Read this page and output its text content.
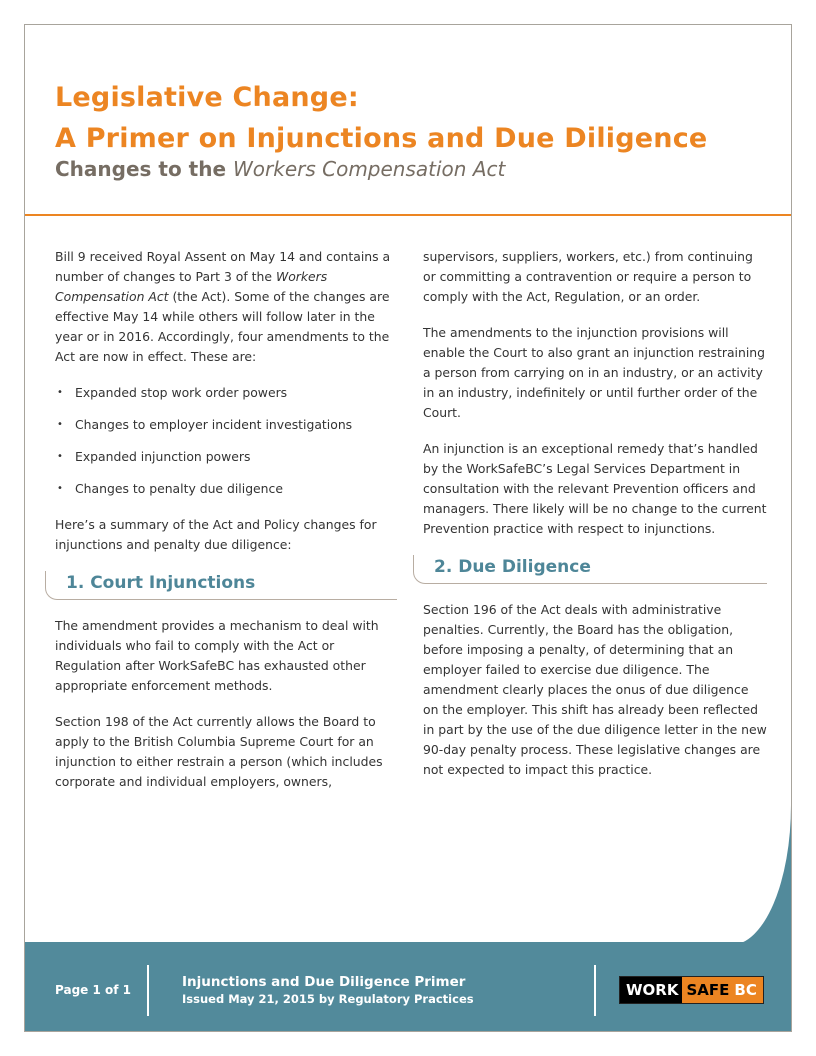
Legislative Change:
A Primer on Injunctions and Due Diligence
Changes to the Workers Compensation Act

Bill 9 received Royal Assent on May 14 and contains a number of changes to Part 3 of the Workers Compensation Act (the Act). Some of the changes are effective May 14 while others will follow later in the year or in 2016. Accordingly, four amendments to the Act are now in effect. These are:

• Expanded stop work order powers
• Changes to employer incident investigations
• Expanded injunction powers
• Changes to penalty due diligence

Here’s a summary of the Act and Policy changes for injunctions and penalty due diligence:

1. Court Injunctions

The amendment provides a mechanism to deal with individuals who fail to comply with the Act or Regulation after WorkSafeBC has exhausted other appropriate enforcement methods.

Section 198 of the Act currently allows the Board to apply to the British Columbia Supreme Court for an injunction to either restrain a person (which includes corporate and individual employers, owners,

supervisors, suppliers, workers, etc.) from continuing or committing a contravention or require a person to comply with the Act, Regulation, or an order.

The amendments to the injunction provisions will enable the Court to also grant an injunction restraining a person from carrying on in an industry, or an activity in an industry, indefinitely or until further order of the Court.

An injunction is an exceptional remedy that’s handled by the WorkSafeBC’s Legal Services Department in consultation with the relevant Prevention officers and managers. There likely will be no change to the current Prevention practice with respect to injunctions.

2. Due Diligence

Section 196 of the Act deals with administrative penalties. Currently, the Board has the obligation, before imposing a penalty, of determining that an employer failed to exercise due diligence. The amendment clearly places the onus of due diligence on the employer. This shift has already been reflected in part by the use of the due diligence letter in the new 90-day penalty process. These legislative changes are not expected to impact this practice.

Page 1 of 1	Injunctions and Due Diligence Primer
Issued May 21, 2015 by Regulatory Practices	WORK SAFE BC
